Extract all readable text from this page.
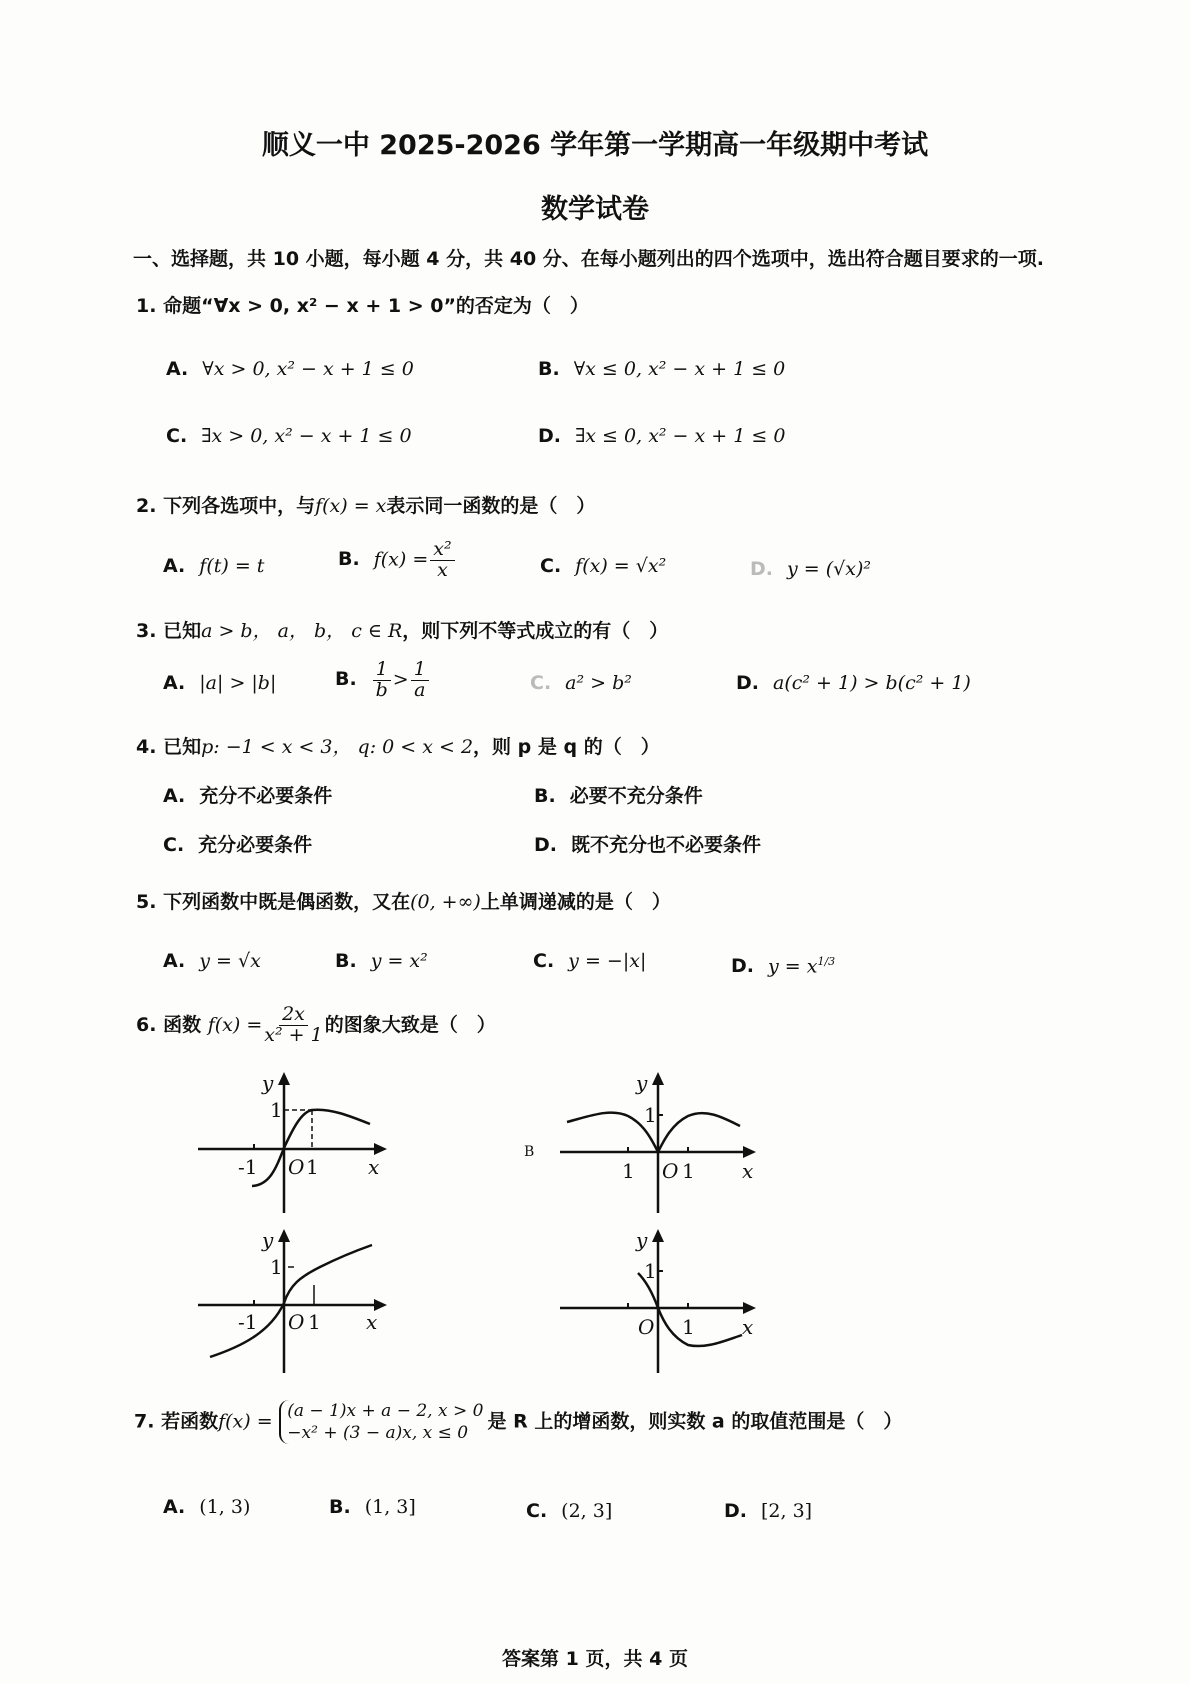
顺义一中 2025-2026 学年第一学期高一年级期中考试
数学试卷
一、选择题，共 10 小题，每小题 4 分，共 40 分、在每小题列出的四个选项中，选出符合题目要求的一项.
1. 命题“∀x > 0, x² − x + 1 > 0”的否定为（　）
A. ∀x > 0, x² − x + 1 ≤ 0	B. ∀x ≤ 0, x² − x + 1 ≤ 0
C. ∃x > 0, x² − x + 1 ≤ 0	D. ∃x ≤ 0, x² − x + 1 ≤ 0
2. 下列各选项中，与f(x) = x表示同一函数的是（　）
A. f(t) = t	B. $f(x) = \frac{\text{x²}}{x}$	C. f(x) = √x²	D. y = (√x)²
3. 已知a > b， a， b， c ∈ R，则下列不等式成立的有（　）
A. |a| > |b|	B. $\frac{1}{b} > \frac{1}{a}$	C. a² > b²	D. a(c² + 1) > b(c² + 1)
4. 已知p: −1 < x < 3， q: 0 < x < 2，则 p 是 q 的（　）
A. 充分不必要条件	B. 必要不充分条件
C. 充分必要条件	D. 既不充分也不必要条件
5. 下列函数中既是偶函数，又在(0, +∞)上单调递减的是（　）
A. y = √x	B. y = x²	C. y = −|x|	D. $y = x^{1/3}$
6. 函数 $f(x) = \frac{2x}{\text{x² + 1}}$ 的图象大致是（　）
y
x
O
-1 1
1
B
y
x
O
1 1
1
y
x
O
-1	1
1
y
x
O 1
1
7. 若函数f(x) = (a − 1)x + a − 2, x > 0
−x² + (3 − a)x, x ≤ 0
是 R 上的增函数，则实数 a 的取值范围是（　）
A. (1, 3)	B. (1, 3]	C. (2, 3]	D. [2, 3]
答案第 1 页，共 4 页
